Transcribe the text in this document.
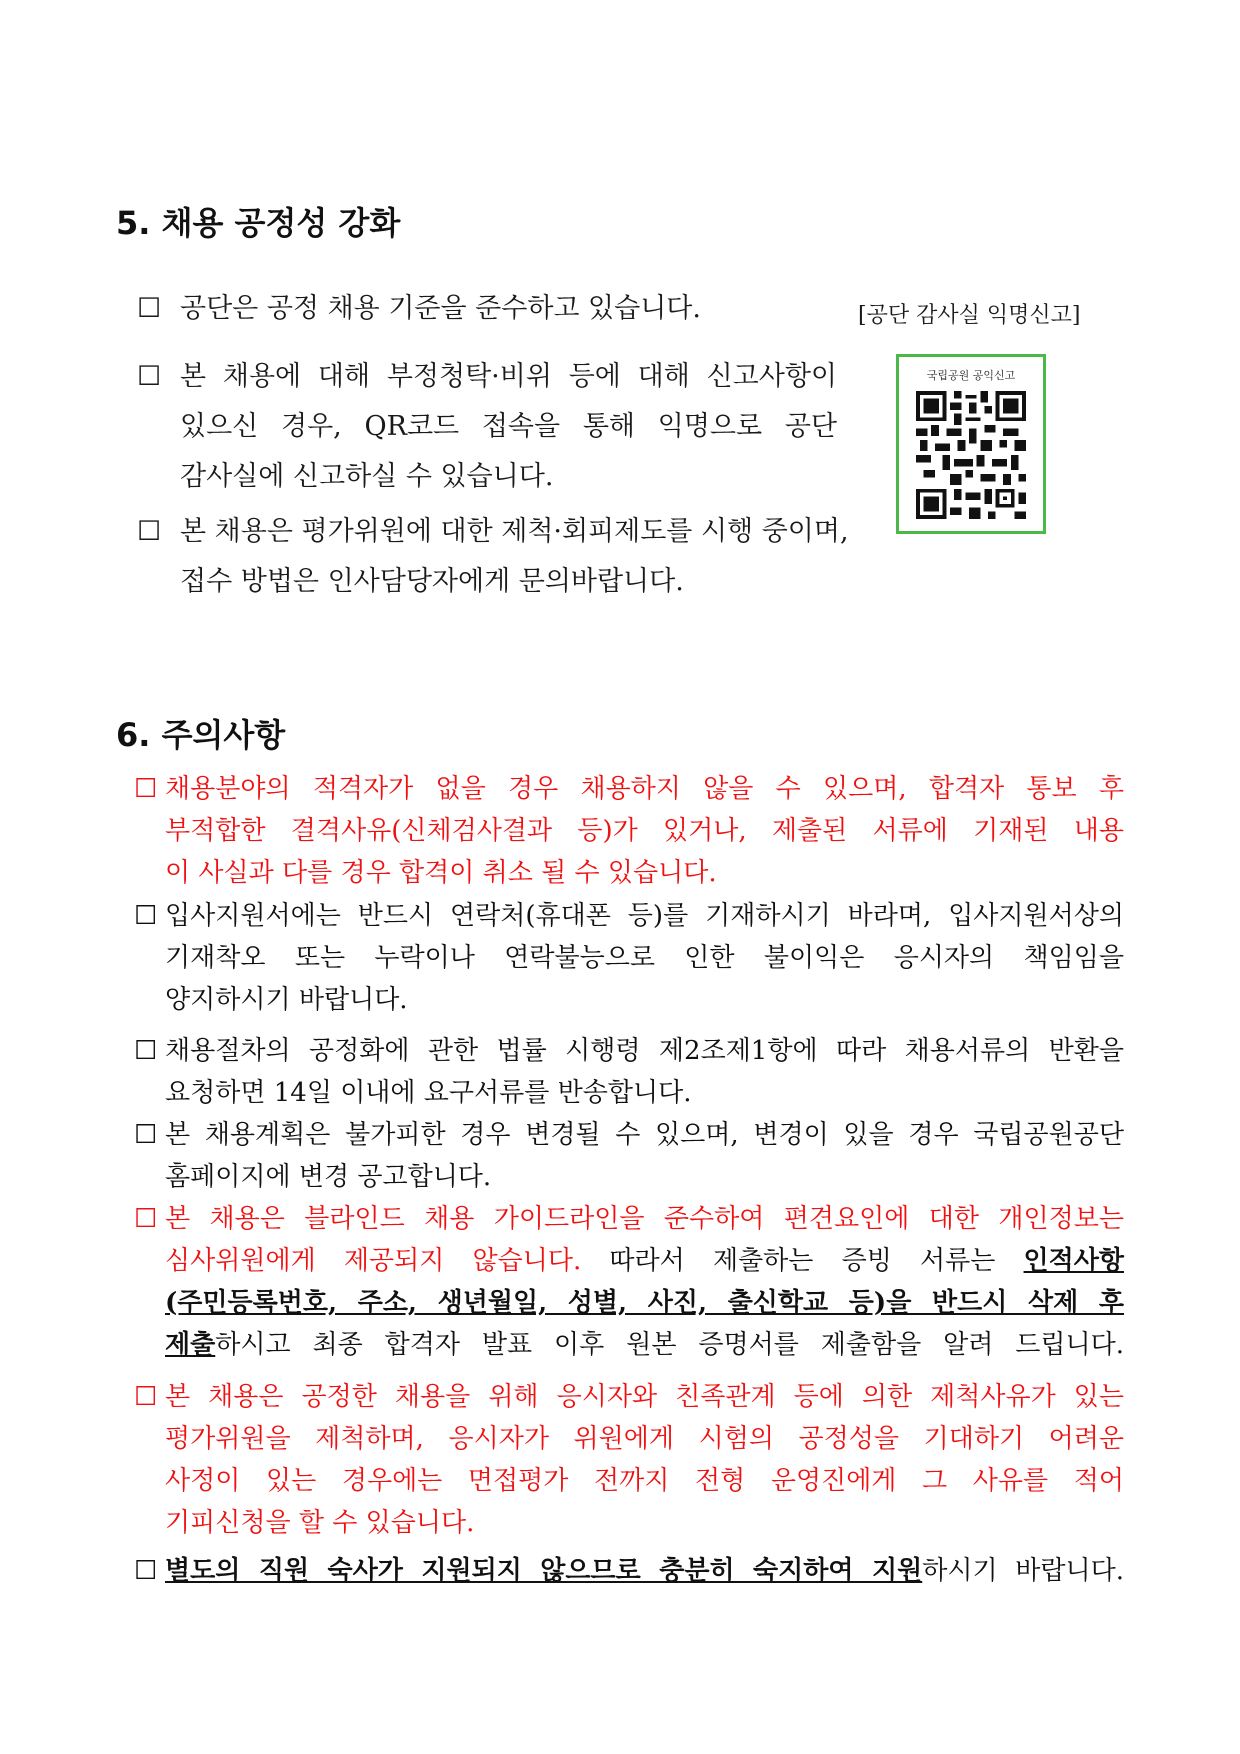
5. 채용 공정성 강화
☐ 공단은 공정 채용 기준을 준수하고 있습니다.
☐ 본 채용에 대해 부정청탁·비위 등에 대해 신고사항이
있으신 경우, QR코드 접속을 통해 익명으로 공단
감사실에 신고하실 수 있습니다.
☐ 본 채용은 평가위원에 대한 제척·회피제도를 시행 중이며,
접수 방법은 인사담당자에게 문의바랍니다.
[공단 감사실 익명신고]
국립공원 공익신고
6. 주의사항
☐ 채용분야의 적격자가 없을 경우 채용하지 않을 수 있으며, 합격자 통보 후
부적합한 결격사유(신체검사결과 등)가 있거나, 제출된 서류에 기재된 내용
이 사실과 다를 경우 합격이 취소 될 수 있습니다.
☐ 입사지원서에는 반드시 연락처(휴대폰 등)를 기재하시기 바라며, 입사지원서상의
기재착오 또는 누락이나 연락불능으로 인한 불이익은 응시자의 책임임을
양지하시기 바랍니다.
☐ 채용절차의 공정화에 관한 법률 시행령 제2조제1항에 따라 채용서류의 반환을
요청하면 14일 이내에 요구서류를 반송합니다.
☐ 본 채용계획은 불가피한 경우 변경될 수 있으며, 변경이 있을 경우 국립공원공단
홈페이지에 변경 공고합니다.
☐ 본 채용은 블라인드 채용 가이드라인을 준수하여 편견요인에 대한 개인정보는
심사위원에게 제공되지 않습니다. 따라서 제출하는 증빙 서류는 인적사항
(주민등록번호, 주소, 생년월일, 성별, 사진, 출신학교 등)을 반드시 삭제 후
제출하시고 최종 합격자 발표 이후 원본 증명서를 제출함을 알려 드립니다.
☐ 본 채용은 공정한 채용을 위해 응시자와 친족관계 등에 의한 제척사유가 있는
평가위원을 제척하며, 응시자가 위원에게 시험의 공정성을 기대하기 어려운
사정이 있는 경우에는 면접평가 전까지 전형 운영진에게 그 사유를 적어
기피신청을 할 수 있습니다.
☐ 별도의 직원 숙사가 지원되지 않으므로 충분히 숙지하여 지원하시기 바랍니다.
